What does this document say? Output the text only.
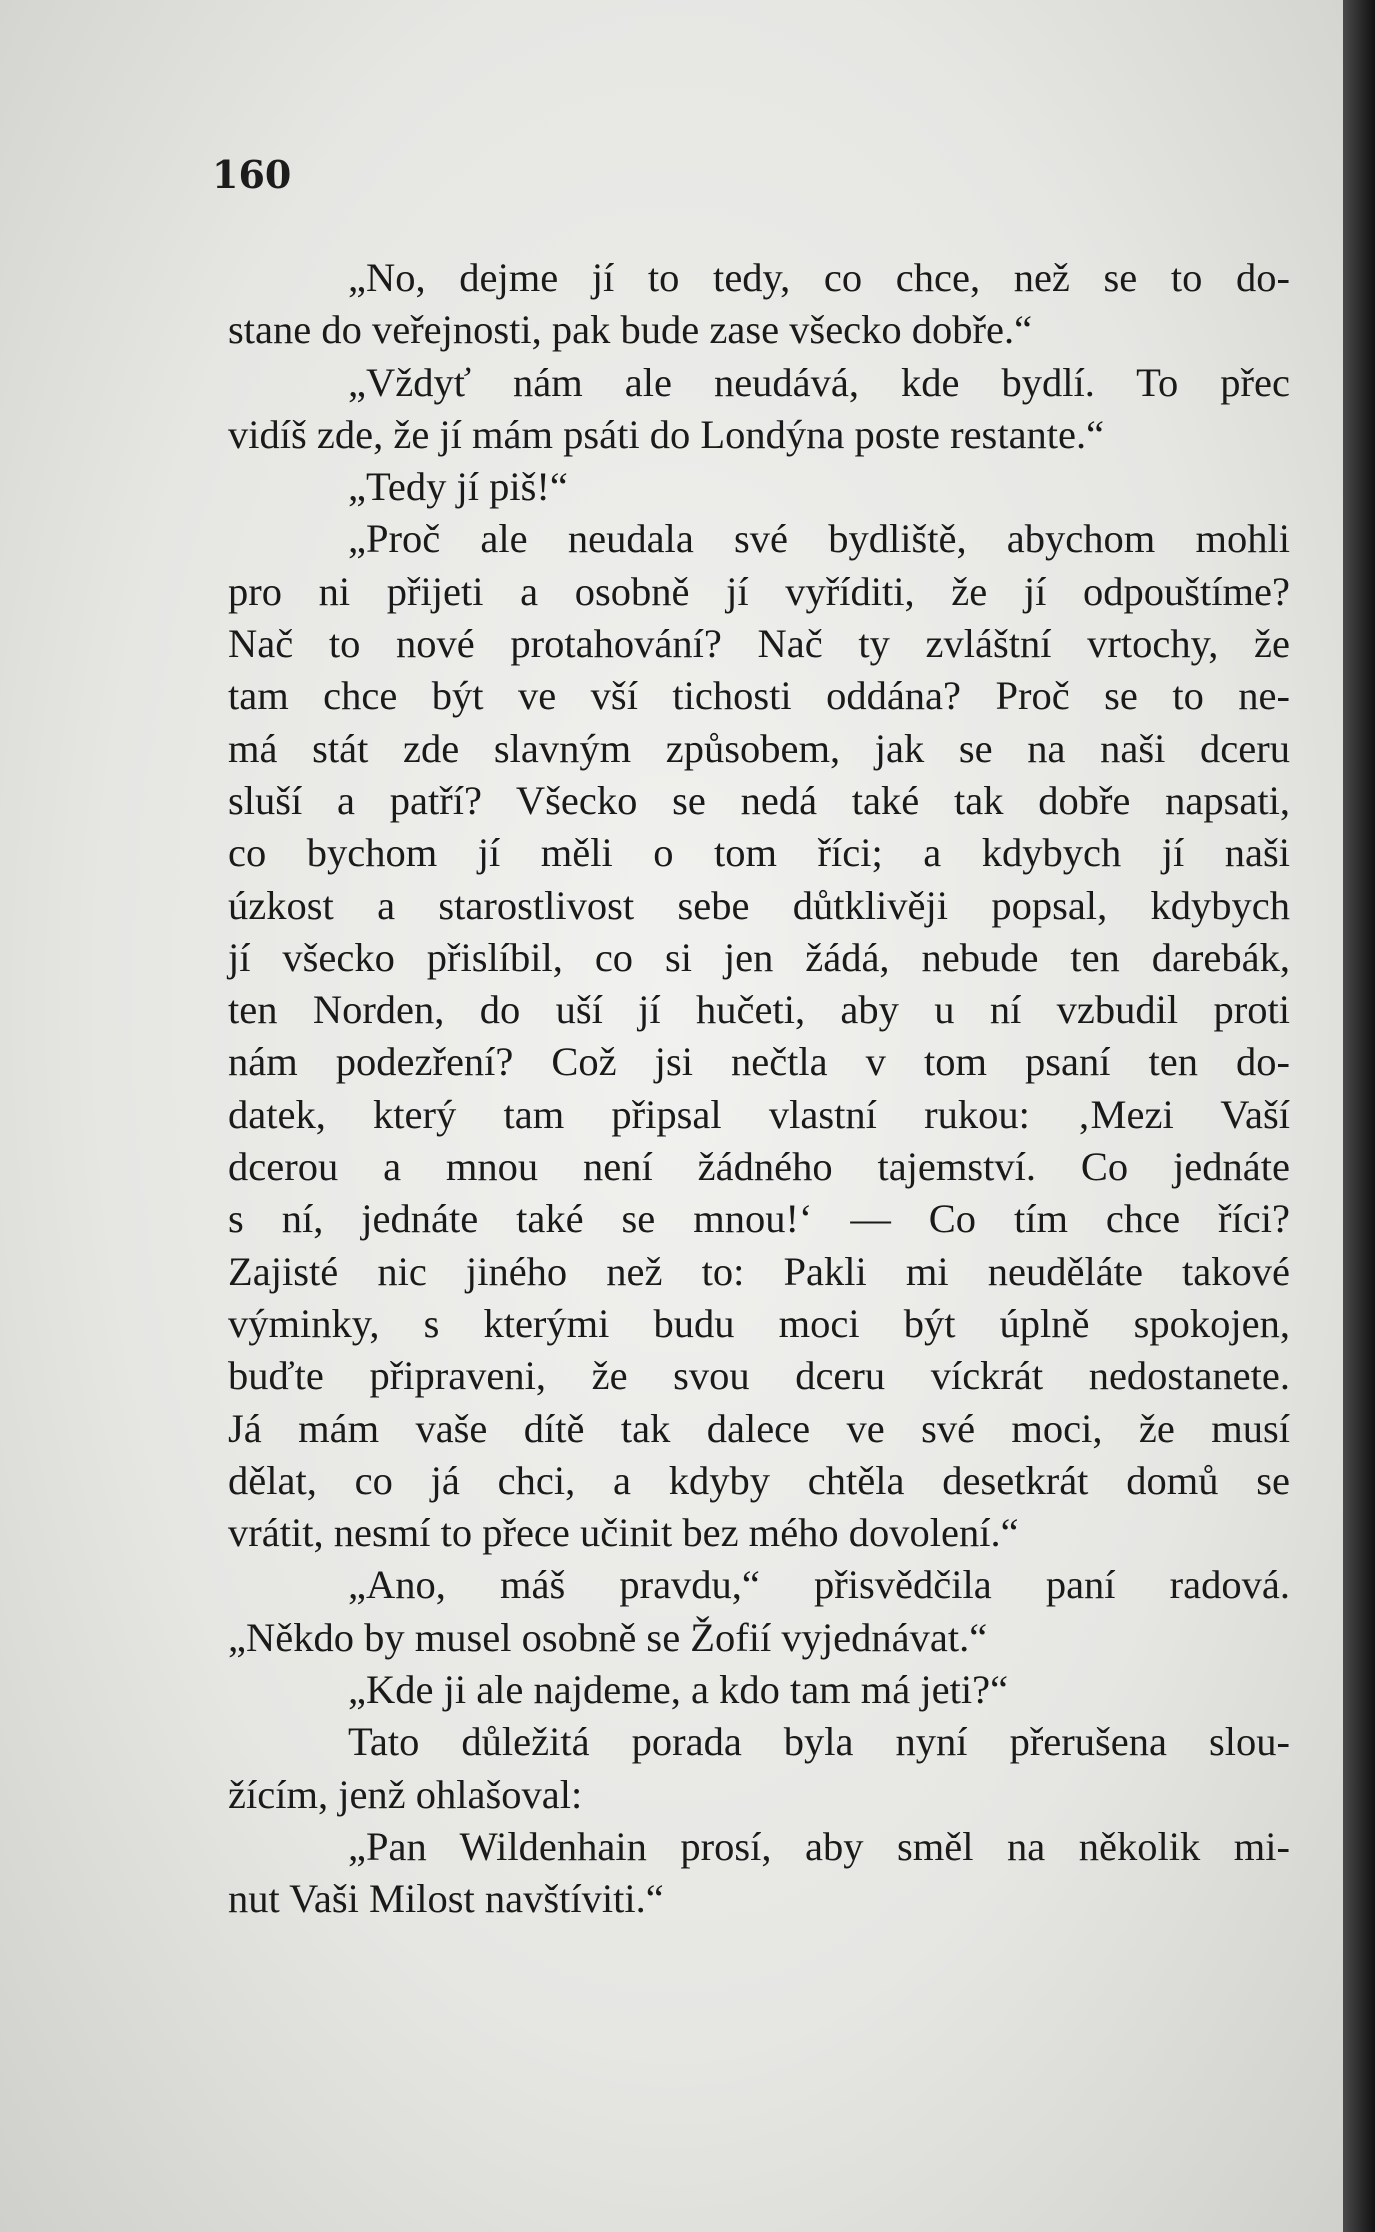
160
„No, dejme jí to tedy, co chce, než se to do-
stane do veřejnosti, pak bude zase všecko dobře.“
„Vždyť nám ale neudává, kde bydlí. To přec
vidíš zde, že jí mám psáti do Londýna poste restante.“
„Tedy jí piš!“
„Proč ale neudala své bydliště, abychom mohli
pro ni přijeti a osobně jí vyříditi, že jí odpouštíme?
Nač to nové protahování? Nač ty zvláštní vrtochy, že
tam chce být ve vší tichosti oddána? Proč se to ne-
má stát zde slavným způsobem, jak se na naši dceru
sluší a patří? Všecko se nedá také tak dobře napsati,
co bychom jí měli o tom říci; a kdybych jí naši
úzkost a starostlivost sebe důtklivěji popsal, kdybych
jí všecko přislíbil, co si jen žádá, nebude ten darebák,
ten Norden, do uší jí hučeti, aby u ní vzbudil proti
nám podezření? Což jsi nečtla v tom psaní ten do-
datek, který tam připsal vlastní rukou: ‚Mezi Vaší
dcerou a mnou není žádného tajemství. Co jednáte
s ní, jednáte také se mnou!‘ — Co tím chce říci?
Zajisté nic jiného než to: Pakli mi neuděláte takové
výminky, s kterými budu moci být úplně spokojen,
buďte připraveni, že svou dceru víckrát nedostanete.
Já mám vaše dítě tak dalece ve své moci, že musí
dělat, co já chci, a kdyby chtěla desetkrát domů se
vrátit, nesmí to přece učinit bez mého dovolení.“
„Ano, máš pravdu,“ přisvědčila paní radová.
„Někdo by musel osobně se Žofií vyjednávat.“
„Kde ji ale najdeme, a kdo tam má jeti?“
Tato důležitá porada byla nyní přerušena slou-
žícím, jenž ohlašoval:
„Pan Wildenhain prosí, aby směl na několik mi-
nut Vaši Milost navštíviti.“
